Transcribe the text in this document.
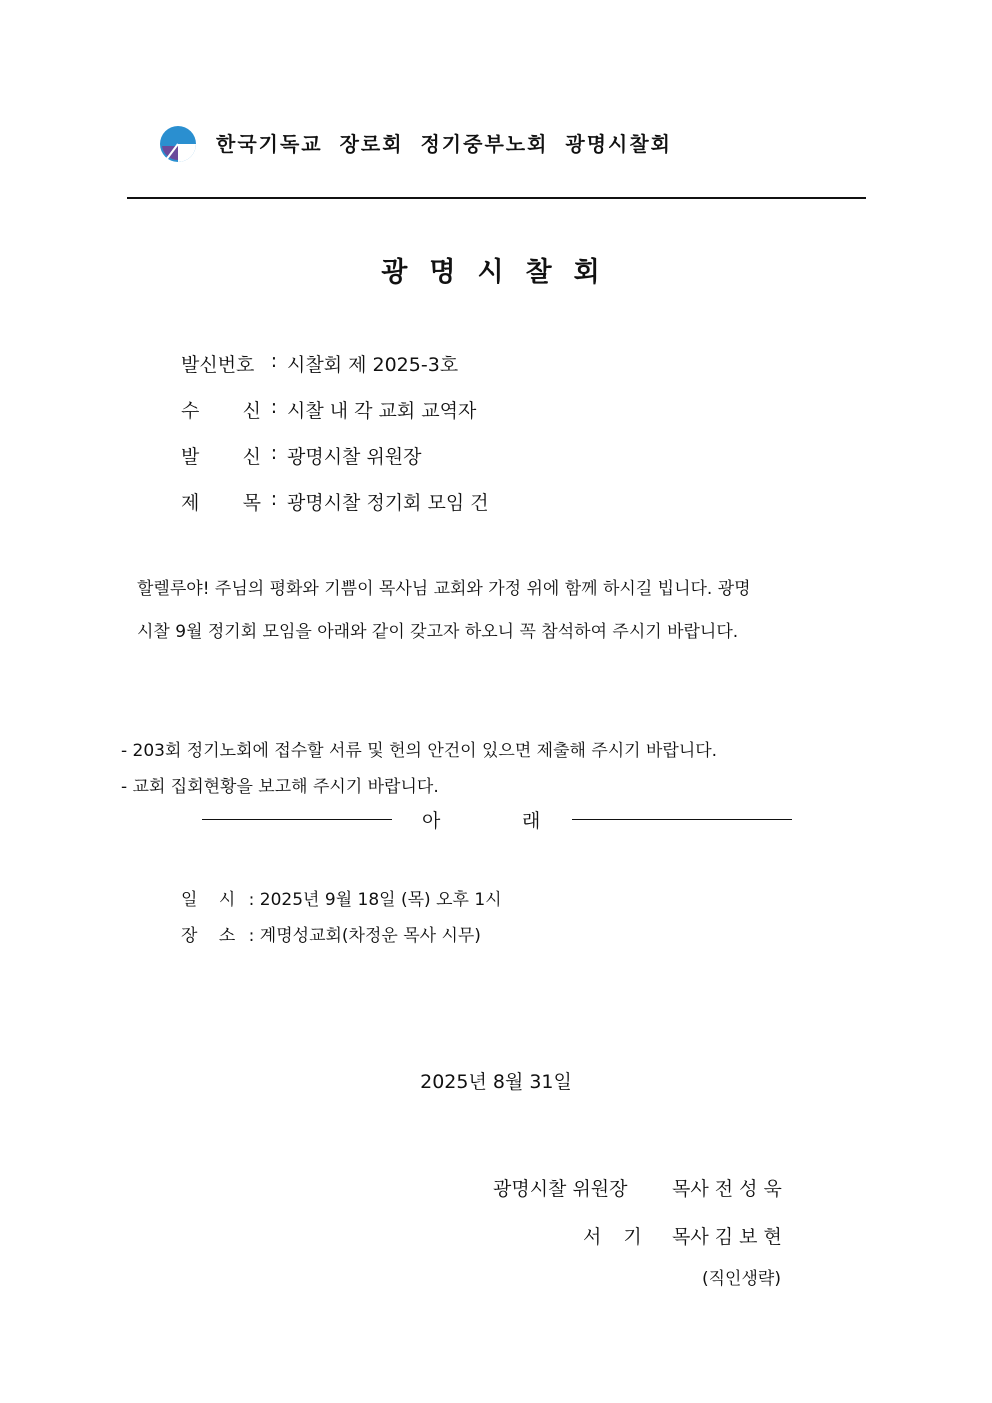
한국기독교 장로회 정기중부노회 광명시찰회
광명시찰회
발신번호 : 시찰회 제 2025-3호
수 신 : 시찰 내 각 교회 교역자
발 신 : 광명시찰 위원장
제 목 : 광명시찰 정기회 모임 건
할렐루야! 주님의 평화와 기쁨이 목사님 교회와 가정 위에 함께 하시길 빕니다. 광명
시찰 9월 정기회 모임을 아래와 같이 갖고자 하오니 꼭 참석하여 주시기 바랍니다.
- 203회 정기노회에 접수할 서류 및 헌의 안건이 있으면 제출해 주시기 바랍니다.
- 교회 집회현황을 보고해 주시기 바랍니다.
아	래
일 시 : 2025년 9월 18일 (목) 오후 1시
장 소 : 계명성교회(차정운 목사 시무)
2025년 8월 31일
광명시찰 위원장 목사 전 성 욱
서 기 목사 김 보 현
(직인생략)
